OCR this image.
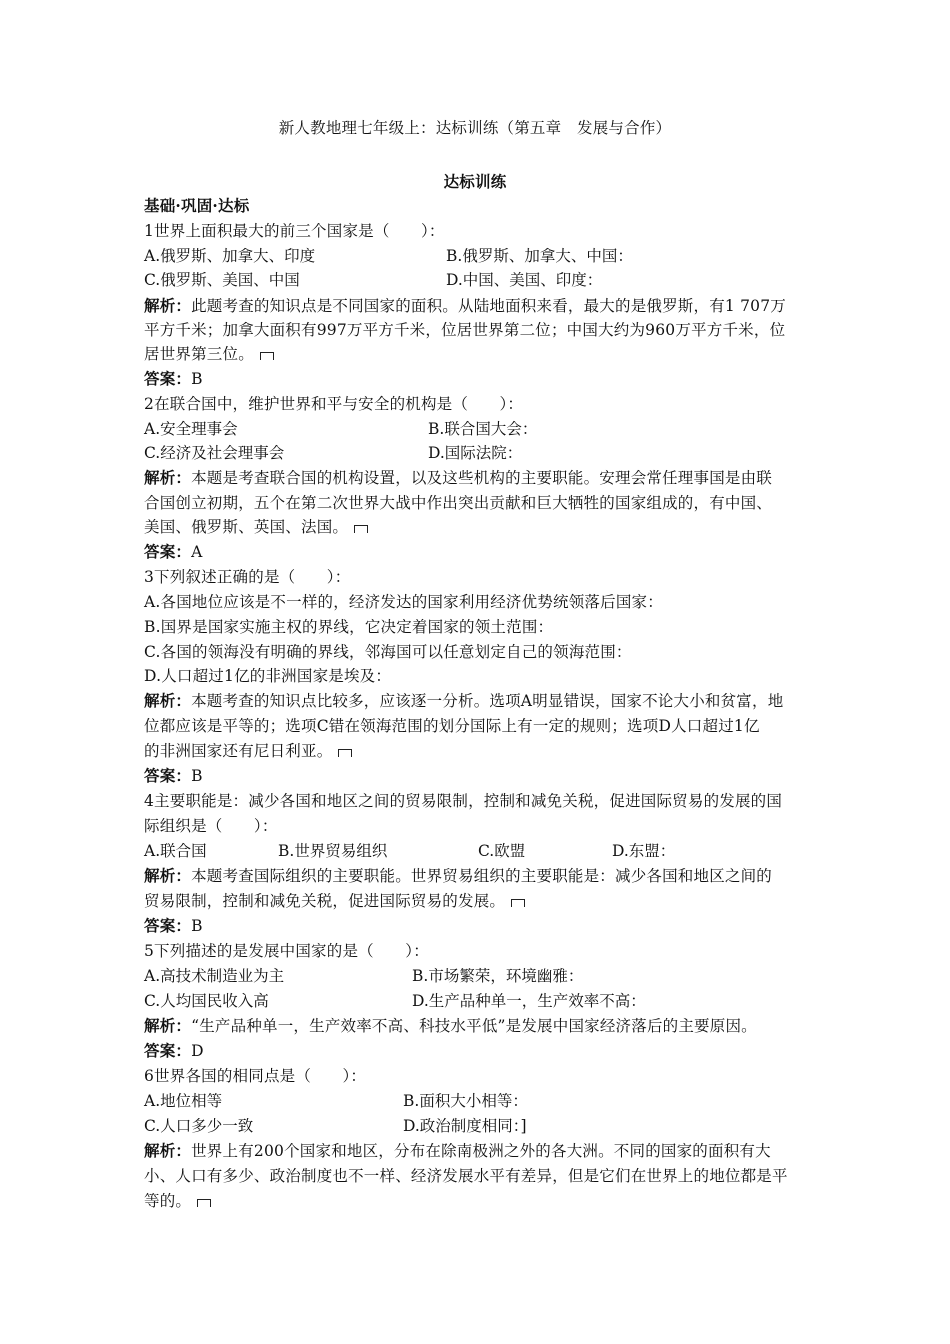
新人教地理七年级上：达标训练（第五章　发展与合作）
达标训练
基础·巩固·达标
1世界上面积最大的前三个国家是（　　）：
A.俄罗斯、加拿大、印度	B.俄罗斯、加拿大、中国：
C.俄罗斯、美国、中国	D.中国、美国、印度：
解析：此题考查的知识点是不同国家的面积。从陆地面积来看，最大的是俄罗斯，有1 707万
平方千米；加拿大面积有997万平方千米，位居世界第二位；中国大约为960万平方千米，位
居世界第三位。
答案：B
2在联合国中，维护世界和平与安全的机构是（　　）：
A.安全理事会	B.联合国大会：
C.经济及社会理事会	D.国际法院：
解析：本题是考查联合国的机构设置，以及这些机构的主要职能。安理会常任理事国是由联
合国创立初期，五个在第二次世界大战中作出突出贡献和巨大牺牲的国家组成的，有中国、
美国、俄罗斯、英国、法国。
答案：A
3下列叙述正确的是（　　）：
A.各国地位应该是不一样的，经济发达的国家利用经济优势统领落后国家：
B.国界是国家实施主权的界线，它决定着国家的领土范围：
C.各国的领海没有明确的界线，邻海国可以任意划定自己的领海范围：
D.人口超过1亿的非洲国家是埃及：
解析：本题考查的知识点比较多，应该逐一分析。选项A明显错误，国家不论大小和贫富，地
位都应该是平等的；选项C错在领海范围的划分国际上有一定的规则；选项D人口超过1亿
的非洲国家还有尼日利亚。
答案：B
4主要职能是：减少各国和地区之间的贸易限制，控制和减免关税，促进国际贸易的发展的国
际组织是（　　）：
A.联合国	B.世界贸易组织	C.欧盟	D.东盟：
解析：本题考查国际组织的主要职能。世界贸易组织的主要职能是：减少各国和地区之间的
贸易限制，控制和减免关税，促进国际贸易的发展。
答案：B
5下列描述的是发展中国家的是（　　）：
A.高技术制造业为主	B.市场繁荣，环境幽雅：
C.人均国民收入高	D.生产品种单一，生产效率不高：
解析：“生产品种单一，生产效率不高、科技水平低”是发展中国家经济落后的主要原因。
答案：D
6世界各国的相同点是（　　）：
A.地位相等	B.面积大小相等：
C.人口多少一致	D.政治制度相同：]
解析：世界上有200个国家和地区，分布在除南极洲之外的各大洲。不同的国家的面积有大
小、人口有多少、政治制度也不一样、经济发展水平有差异，但是它们在世界上的地位都是平
等的。
